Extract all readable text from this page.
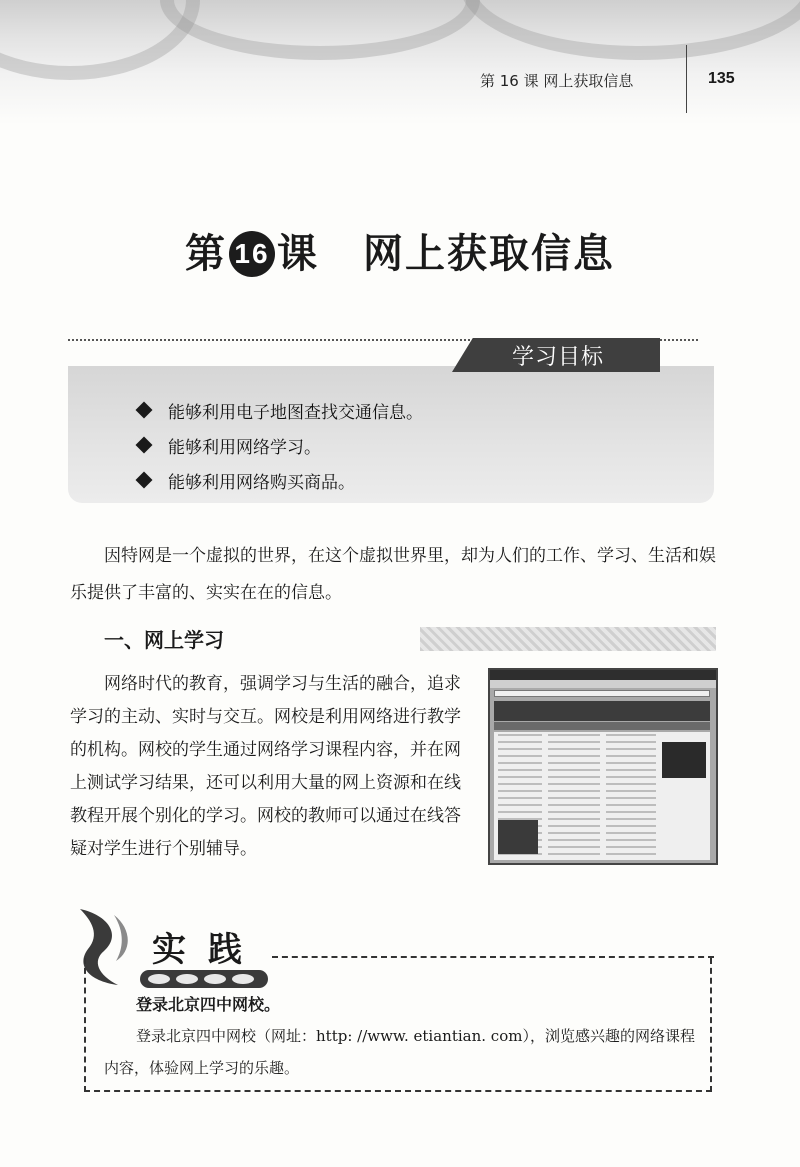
第 16 课 网上获取信息	135
第 16 课 网上获取信息
学习目标
能够利用电子地图查找交通信息。
能够利用网络学习。
能够利用网络购买商品。

因特网是一个虚拟的世界，在这个虚拟世界里，却为人们的工作、学习、生活和娱乐提供了丰富的、实实在在的信息。

一、网上学习

网络时代的教育，强调学习与生活的融合，追求学习的主动、实时与交互。网校是利用网络进行教学的机构。网校的学生通过网络学习课程内容，并在网上测试学习结果，还可以利用大量的网上资源和在线教程开展个别化的学习。网校的教师可以通过在线答疑对学生进行个别辅导。

实践
登录北京四中网校。

登录北京四中网校（网址：http: //www. etiantian. com），浏览感兴趣的网络课程内容，体验网上学习的乐趣。
